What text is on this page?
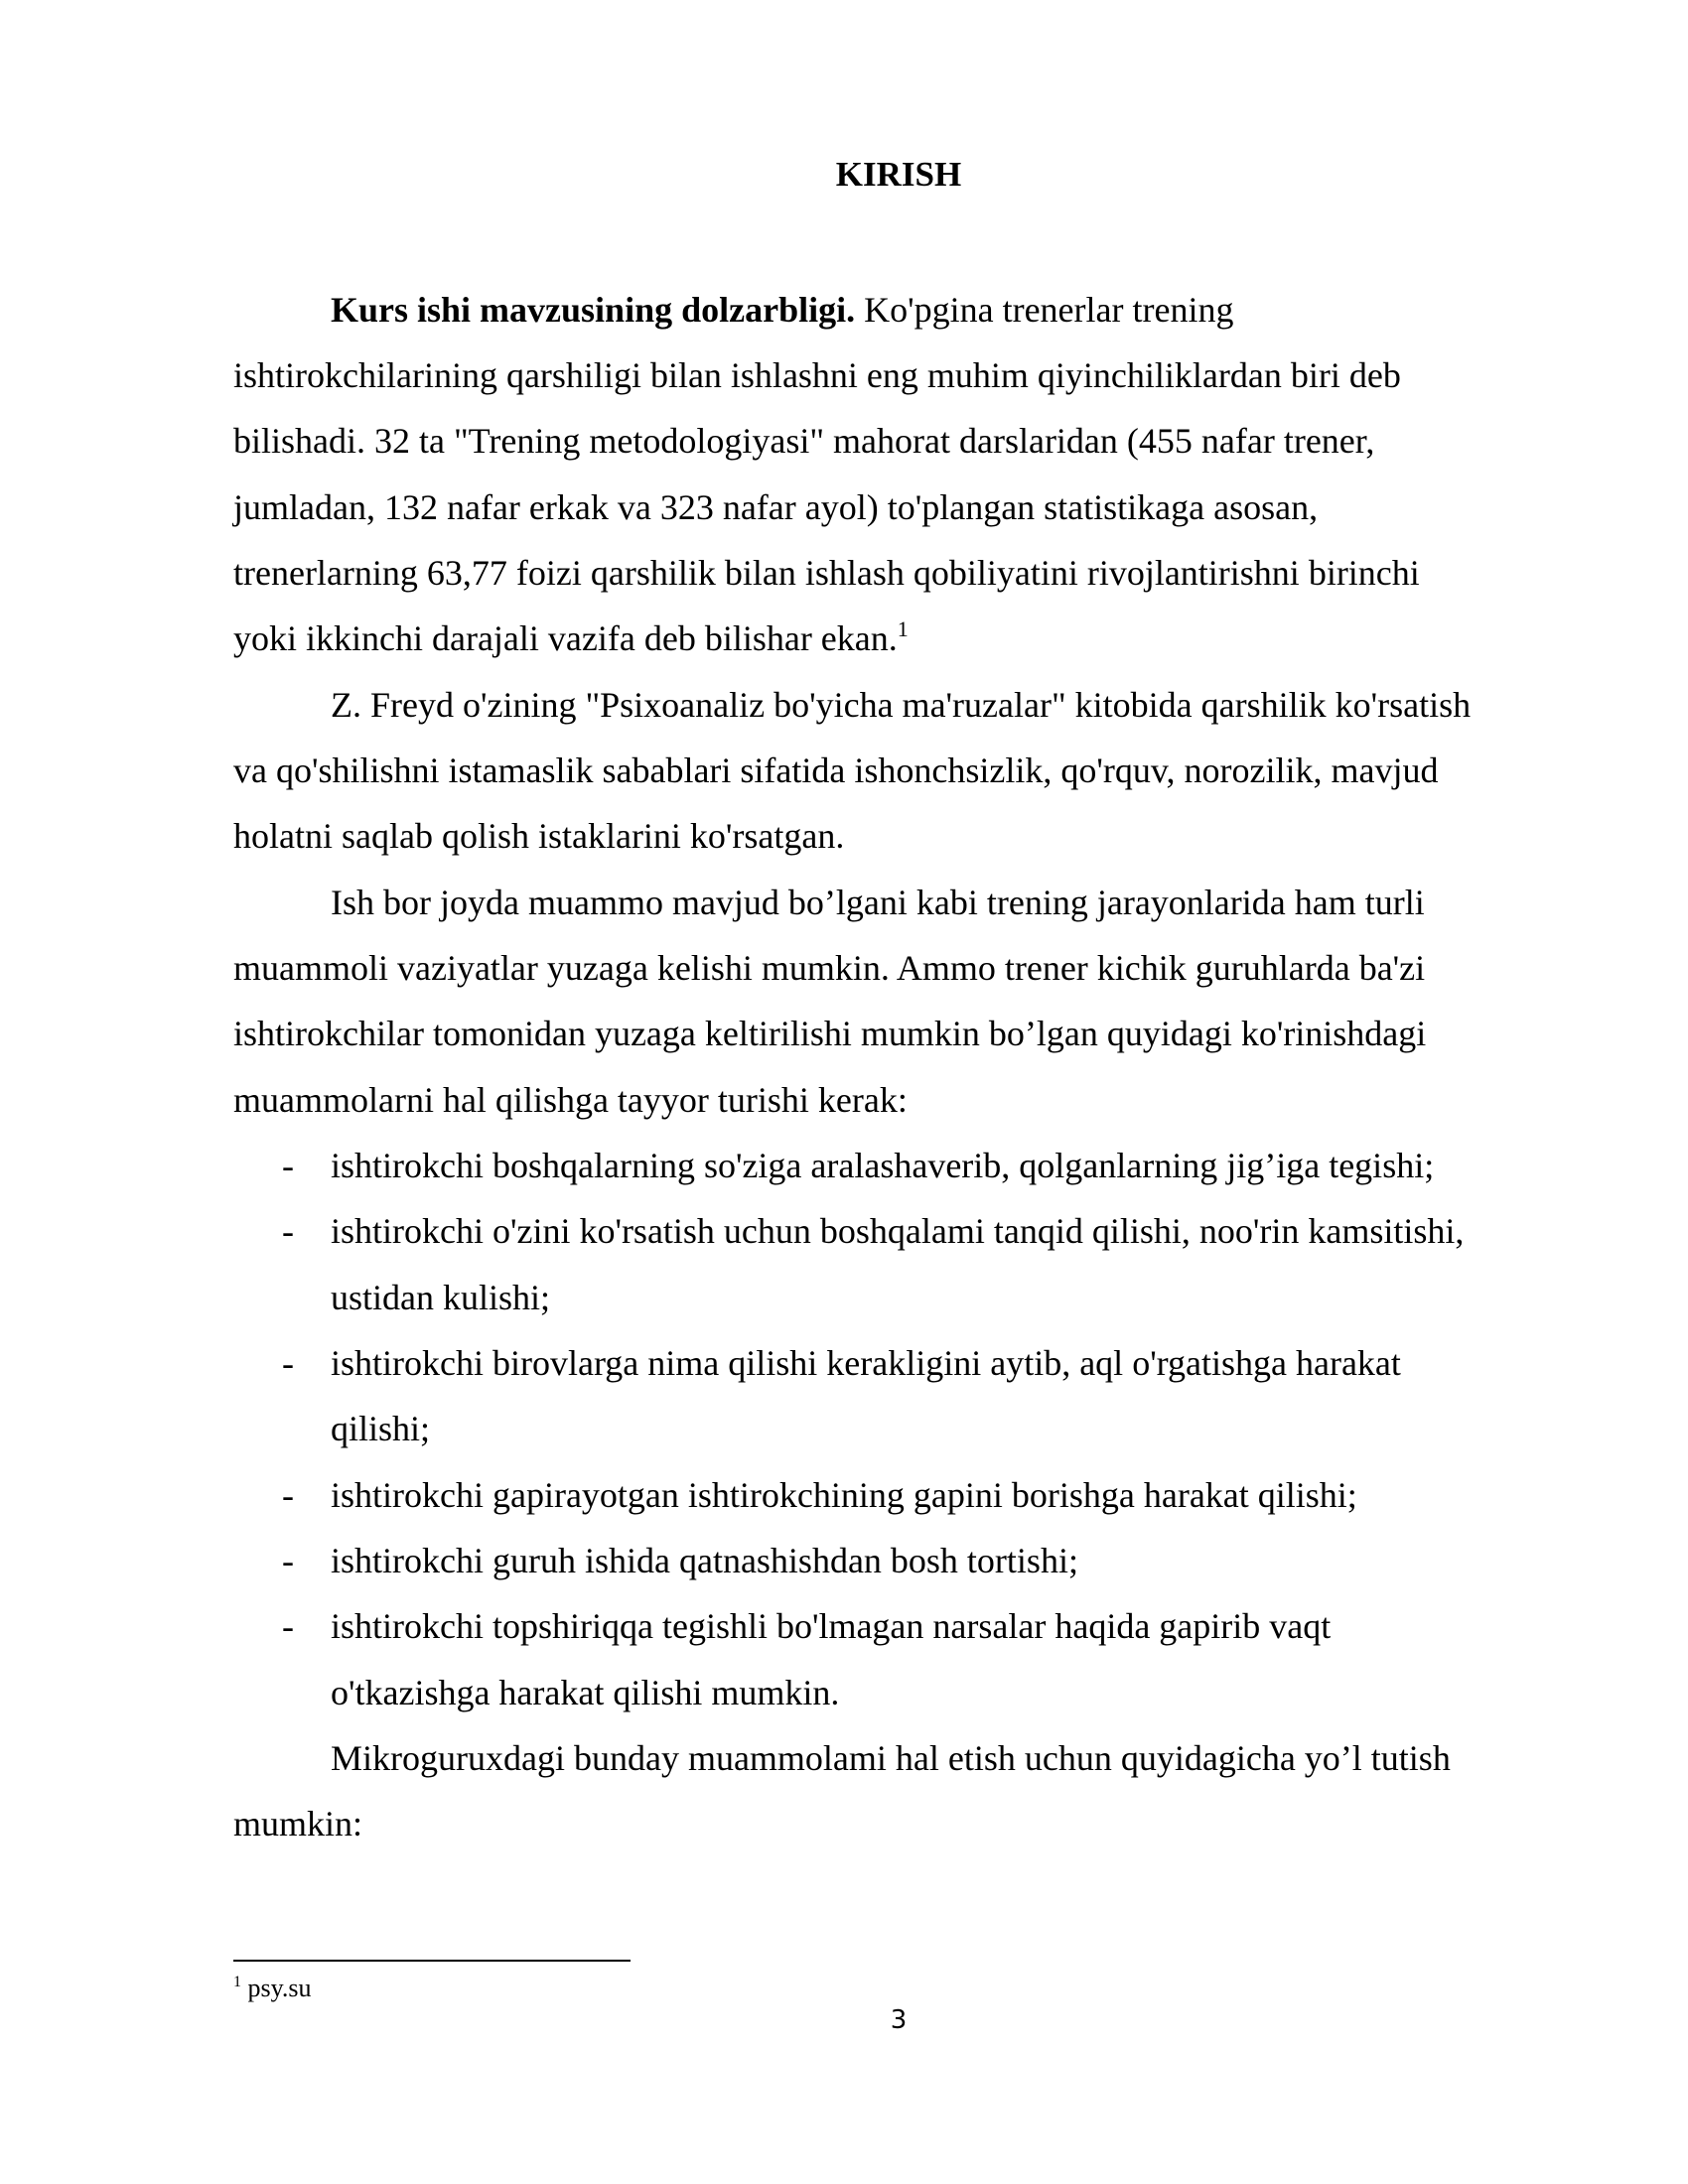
KIRISH
Kurs ishi mavzusining dolzarbligi. Ko'pgina trenerlar trening
ishtirokchilarining qarshiligi bilan ishlashni eng muhim qiyinchiliklardan biri deb
bilishadi. 32 ta "Trening metodologiyasi" mahorat darslaridan (455 nafar trener,
jumladan, 132 nafar erkak va 323 nafar ayol) to'plangan statistikaga asosan,
trenerlarning 63,77 foizi qarshilik bilan ishlash qobiliyatini rivojlantirishni birinchi
yoki ikkinchi darajali vazifa deb bilishar ekan.$^1$
Z. Freyd o'zining "Psixoanaliz bo'yicha ma'ruzalar" kitobida qarshilik ko'rsatish
va qo'shilishni istamaslik sabablari sifatida ishonchsizlik, qo'rquv, norozilik, mavjud
holatni saqlab qolish istaklarini ko'rsatgan.
Ish bor joyda muammo mavjud bo’lgani kabi trening jarayonlarida ham turli
muammoli vaziyatlar yuzaga kelishi mumkin. Ammo trener kichik guruhlarda ba'zi
ishtirokchilar tomonidan yuzaga keltirilishi mumkin bo’lgan quyidagi ko'rinishdagi
muammolarni hal qilishga tayyor turishi kerak:
- ishtirokchi boshqalarning so'ziga aralashaverib, qolganlarning jig’iga tegishi;
- ishtirokchi o'zini ko'rsatish uchun boshqalami tanqid qilishi, noo'rin kamsitishi,
ustidan kulishi;
- ishtirokchi birovlarga nima qilishi kerakligini aytib, aql o'rgatishga harakat
qilishi;
- ishtirokchi gapirayotgan ishtirokchining gapini borishga harakat qilishi;
- ishtirokchi guruh ishida qatnashishdan bosh tortishi;
- ishtirokchi topshiriqqa tegishli bo'lmagan narsalar haqida gapirib vaqt
o'tkazishga harakat qilishi mumkin.
Mikroguruxdagi bunday muammolami hal etish uchun quyidagicha yo’l tutish
mumkin:
$^1$ psy.su
3
